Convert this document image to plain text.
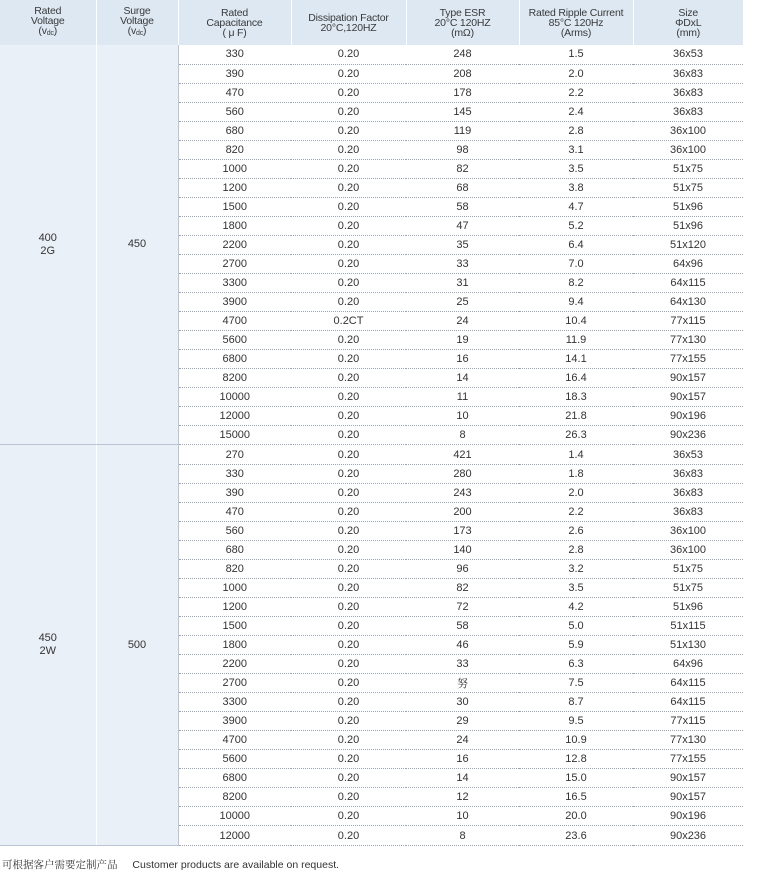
Rated
Voltage
$(v_{dc})$	Surge
Voltage
$(v_{dc})$	Rated
Capacitance
( μ F)	Dissipation Factor
20°C,120HZ	Type ESR
20°C 120HZ
(mΩ)	Rated Ripple Current
85°C 120Hz
(Arms)	Size
ΦDxL
(mm)

400
2G	450	330	0.20	248	1.5	36x53
		390	0.20	208	2.0	36x83
		470	0.20	178	2.2	36x83
		560	0.20	145	2.4	36x83
		680	0.20	119	2.8	36x100
		820	0.20	98	3.1	36x100
		1000	0.20	82	3.5	51x75
		1200	0.20	68	3.8	51x75
		1500	0.20	58	4.7	51x96
		1800	0.20	47	5.2	51x96
		2200	0.20	35	6.4	51x120
		2700	0.20	33	7.0	64x96
		3300	0.20	31	8.2	64x115
		3900	0.20	25	9.4	64x130
		4700	0.2CT	24	10.4	77x115
		5600	0.20	19	11.9	77x130
		6800	0.20	16	14.1	77x155
		8200	0.20	14	16.4	90x157
		10000	0.20	11	18.3	90x157
		12000	0.20	10	21.8	90x196
		15000	0.20	8	26.3	90x236

450
2W	500	270	0.20	421	1.4	36x53
		330	0.20	280	1.8	36x83
		390	0.20	243	2.0	36x83
		470	0.20	200	2.2	36x83
		560	0.20	173	2.6	36x100
		680	0.20	140	2.8	36x100
		820	0.20	96	3.2	51x75
		1000	0.20	82	3.5	51x75
		1200	0.20	72	4.2	51x96
		1500	0.20	58	5.0	51x115
		1800	0.20	46	5.9	51x130
		2200	0.20	33	6.3	64x96
		2700	0.20	努	7.5	64x115
		3300	0.20	30	8.7	64x115
		3900	0.20	29	9.5	77x115
		4700	0.20	24	10.9	77x130
		5600	0.20	16	12.8	77x155
		6800	0.20	14	15.0	90x157
		8200	0.20	12	16.5	90x157
		10000	0.20	10	20.0	90x196
		12000	0.20	8	23.6	90x236
可根据客户需要定制产品 Customer products are available on request.
